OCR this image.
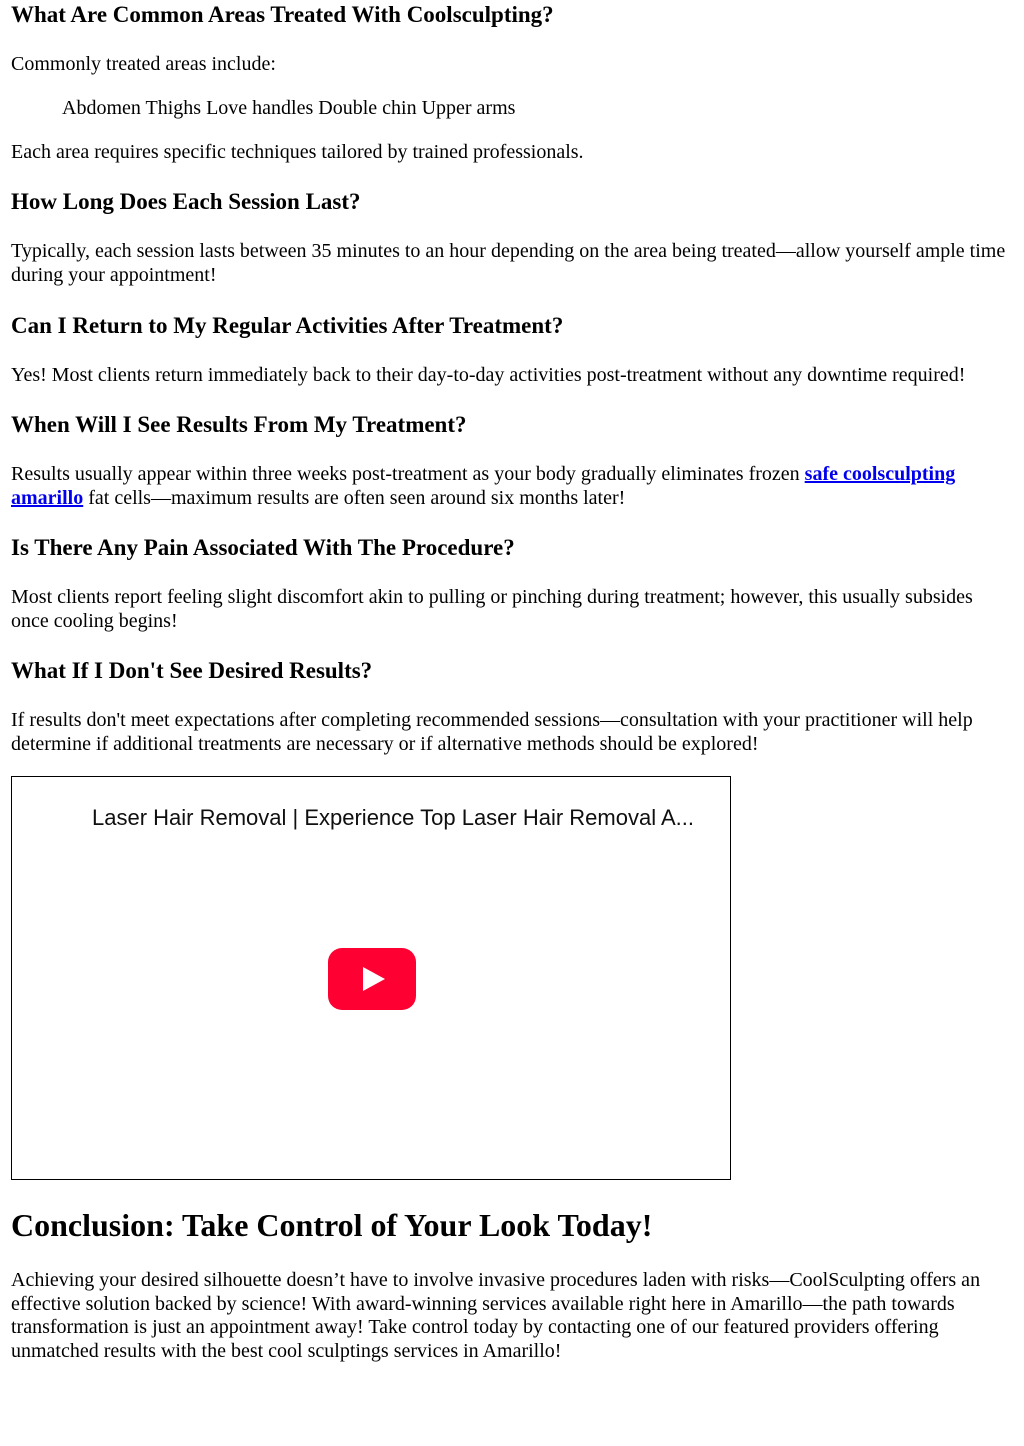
What Are Common Areas Treated With Coolsculpting?

Commonly treated areas include:

Abdomen Thighs Love handles Double chin Upper arms

Each area requires specific techniques tailored by trained professionals.

How Long Does Each Session Last?

Typically, each session lasts between 35 minutes to an hour depending on the area being treated—allow yourself ample time during your appointment!

Can I Return to My Regular Activities After Treatment?

Yes! Most clients return immediately back to their day-to-day activities post-treatment without any downtime required!

When Will I See Results From My Treatment?

Results usually appear within three weeks post-treatment as your body gradually eliminates frozen safe coolsculpting amarillo fat cells—maximum results are often seen around six months later!

Is There Any Pain Associated With The Procedure?

Most clients report feeling slight discomfort akin to pulling or pinching during treatment; however, this usually subsides once cooling begins!

What If I Don't See Desired Results?

If results don't meet expectations after completing recommended sessions—consultation with your practitioner will help determine if additional treatments are necessary or if alternative methods should be explored!

Laser Hair Removal | Experience Top Laser Hair Removal A...
Conclusion: Take Control of Your Look Today!

Achieving your desired silhouette doesn’t have to involve invasive procedures laden with risks—CoolSculpting offers an effective solution backed by science! With award-winning services available right here in Amarillo—the path towards transformation is just an appointment away! Take control today by contacting one of our featured providers offering unmatched results with the best cool sculptings services in Amarillo!
